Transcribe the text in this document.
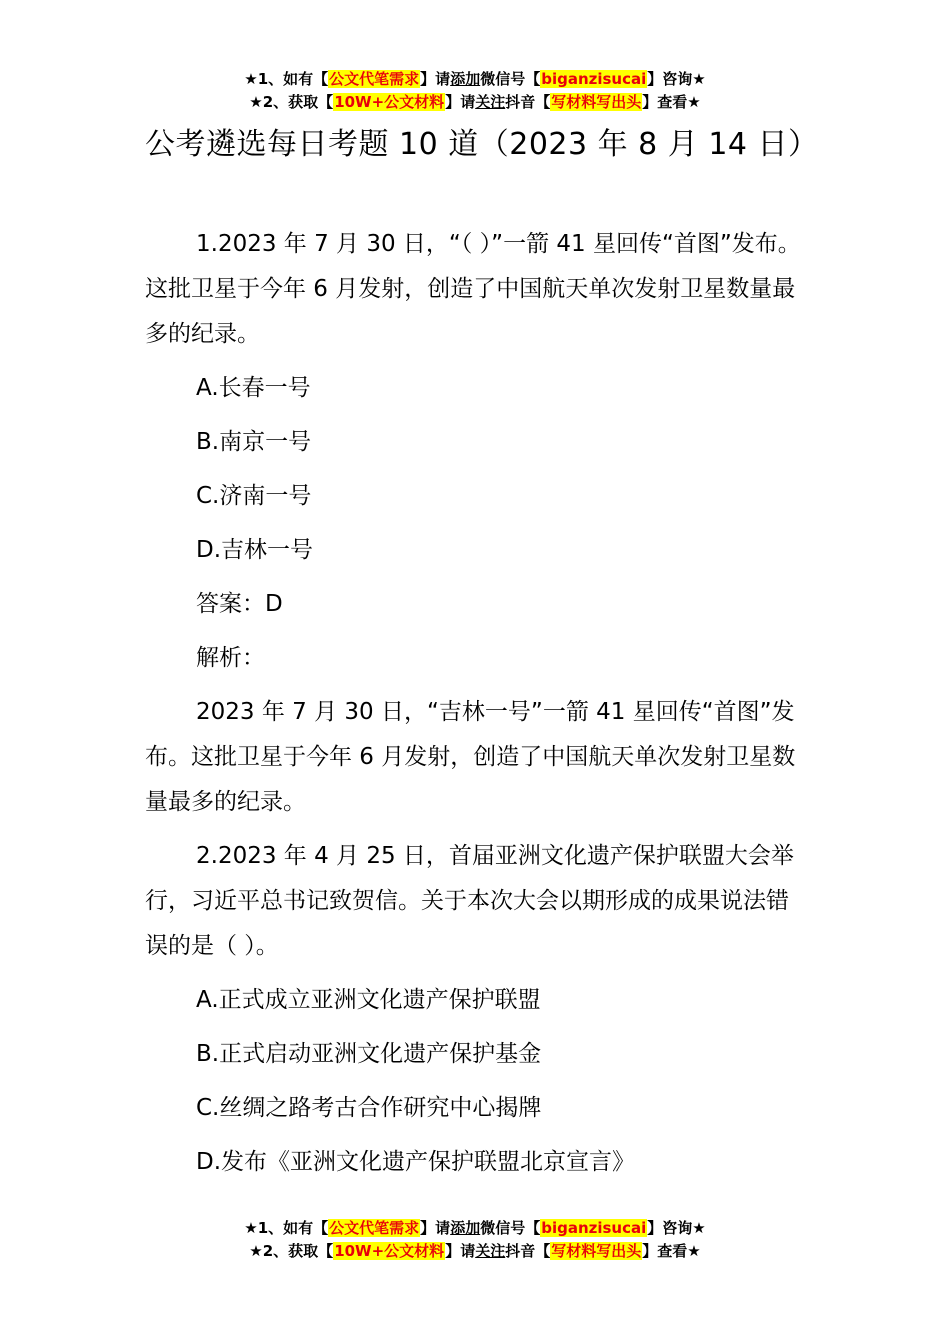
★1、如有【公文代笔需求】请添加微信号【biganzisucai】咨询★
★2、获取【10W+公文材料】请关注抖音【写材料写出头】查看★
公考遴选每日考题 10 道（2023 年 8 月 14 日）

1.2023 年 7 月 30 日，“（ ）”一箭 41 星回传“首图”发布。这批卫星于今年 6 月发射，创造了中国航天单次发射卫星数量最多的纪录。

A.长春一号

B.南京一号

C.济南一号

D.吉林一号

答案：D

解析：

2023 年 7 月 30 日，“吉林一号”一箭 41 星回传“首图”发布。这批卫星于今年 6 月发射，创造了中国航天单次发射卫星数量最多的纪录。

2.2023 年 4 月 25 日，首届亚洲文化遗产保护联盟大会举行，习近平总书记致贺信。关于本次大会以期形成的成果说法错误的是（ ）。

A.正式成立亚洲文化遗产保护联盟

B.正式启动亚洲文化遗产保护基金

C.丝绸之路考古合作研究中心揭牌

D.发布《亚洲文化遗产保护联盟北京宣言》

★1、如有【公文代笔需求】请添加微信号【biganzisucai】咨询★
★2、获取【10W+公文材料】请关注抖音【写材料写出头】查看★
